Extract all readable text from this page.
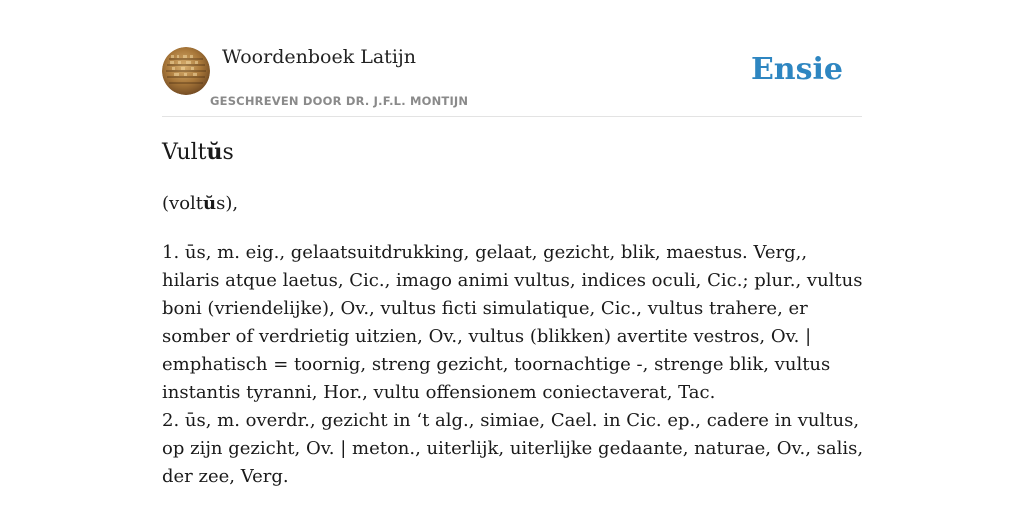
Woordenboek Latijn
GESCHREVEN DOOR DR. J.F.L. MONTIJN
Ensie
Vultŭs

(voltŭs),

1. ūs, m. eig., gelaatsuitdrukking, gelaat, gezicht, blik, maestus. Verg,, hilaris atque laetus, Cic., imago animi vultus, indices oculi, Cic.; plur., vultus boni (vriendelijke), Ov., vultus ficti simulatique, Cic., vultus trahere, er somber of verdrietig uitzien, Ov., vultus (blikken) avertite vestros, Ov. | emphatisch = toornig, streng gezicht, toornachtige -, strenge blik, vultus instantis tyranni, Hor., vultu offensionem coniectaverat, Tac.

2. ūs, m. overdr., gezicht in ‘t alg., simiae, Cael. in Cic. ep., cadere in vultus, op zijn gezicht, Ov. | meton., uiterlijk, uiterlijke gedaante, naturae, Ov., salis, der zee, Verg.
